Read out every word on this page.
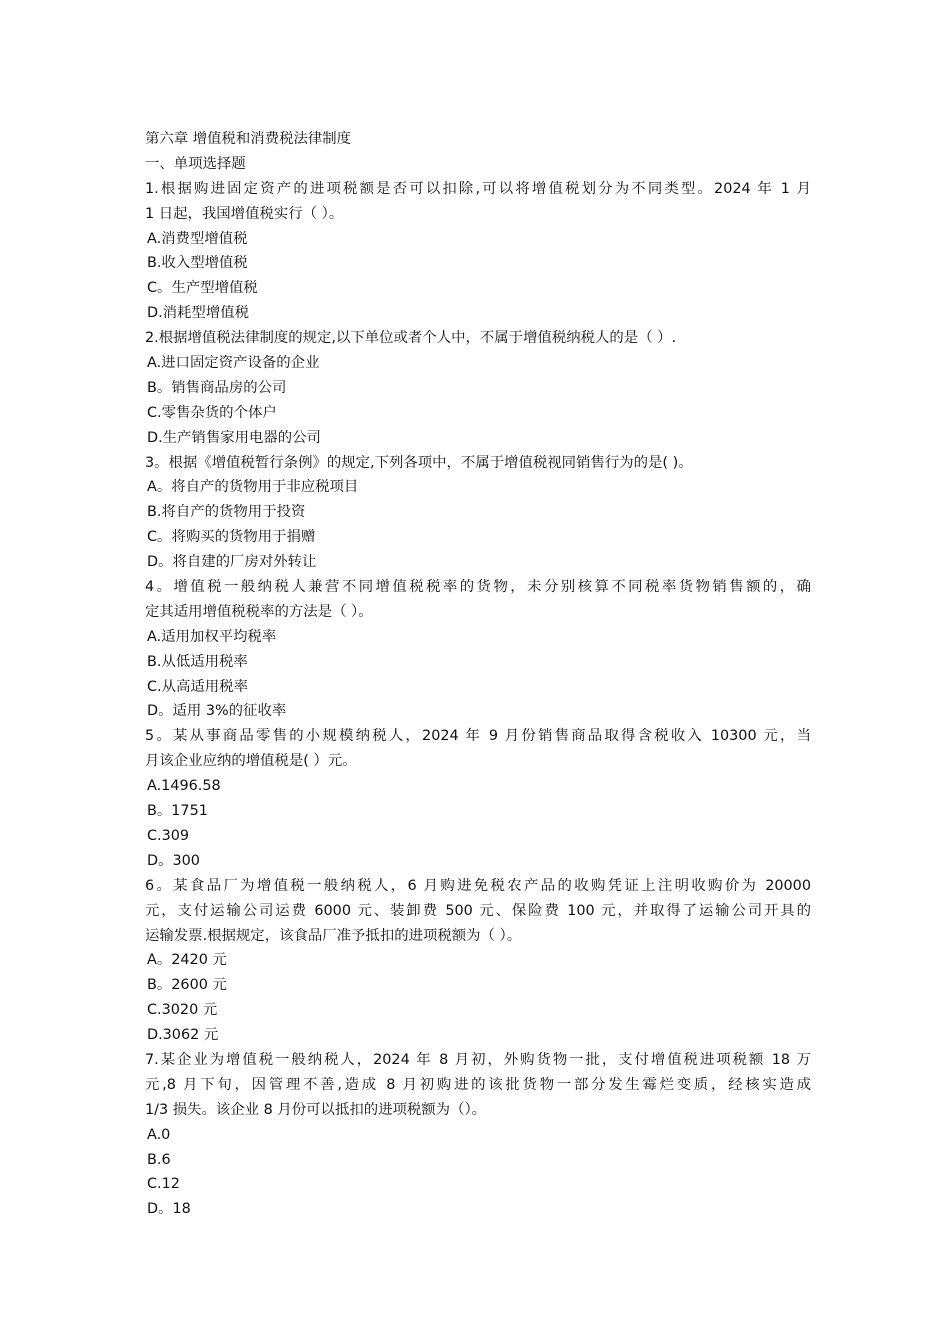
第六章 增值税和消费税法律制度
一、单项选择题
1.根据购进固定资产的进项税额是否可以扣除,可以将增值税划分为不同类型。2024 年 1 月
1 日起，我国增值税实行（ ）。
A.消费型增值税
B.收入型增值税
C。生产型增值税
D.消耗型增值税
2.根据增值税法律制度的规定,以下单位或者个人中，不属于增值税纳税人的是（ ）.
A.进口固定资产设备的企业
B。销售商品房的公司
C.零售杂货的个体户
D.生产销售家用电器的公司
3。根据《增值税暂行条例》的规定,下列各项中，不属于增值税视同销售行为的是( )。
A。将自产的货物用于非应税项目
B.将自产的货物用于投资
C。将购买的货物用于捐赠
D。将自建的厂房对外转让
4。增值税一般纳税人兼营不同增值税税率的货物，未分别核算不同税率货物销售额的，确
定其适用增值税税率的方法是（ ）。
A.适用加权平均税率
B.从低适用税率
C.从高适用税率
D。适用 3%的征收率
5。某从事商品零售的小规模纳税人，2024 年 9 月份销售商品取得含税收入 10300 元，当
月该企业应纳的增值税是( ）元。
A.1496.58
B。1751
C.309
D。300
6。某食品厂为增值税一般纳税人，6 月购进免税农产品的收购凭证上注明收购价为 20000
元，支付运输公司运费 6000 元、装卸费 500 元、保险费 100 元，并取得了运输公司开具的
运输发票.根据规定，该食品厂准予抵扣的进项税额为（ ）。
A。2420 元
B。2600 元
C.3020 元
D.3062 元
7.某企业为增值税一般纳税人，2024 年 8 月初，外购货物一批，支付增值税进项税额 18 万
元,8 月下旬，因管理不善,造成 8 月初购进的该批货物一部分发生霉烂变质，经核实造成
1/3 损失。该企业 8 月份可以抵扣的进项税额为（）。
A.0
B.6
C.12
D。18
